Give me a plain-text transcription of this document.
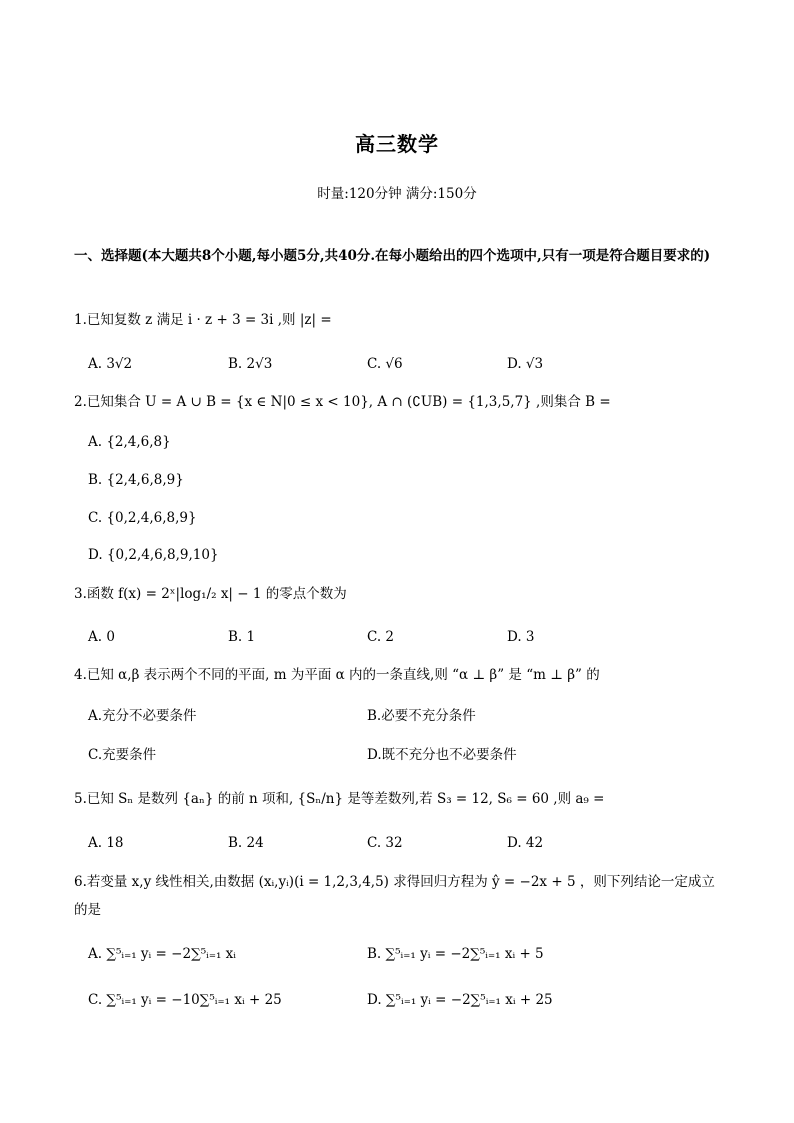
高三数学
时量:120分钟 满分:150分
一、选择题(本大题共8个小题,每小题5分,共40分.在每小题给出的四个选项中,只有一项是符合题目要求的)
1.已知复数 z 满足 i · z + 3 = 3i ,则 |z| =
A. 3√2	B. 2√3	C. √6	D. √3
2.已知集合 U = A ∪ B = {x ∈ N|0 ≤ x < 10}, A ∩ (∁UB) = {1,3,5,7} ,则集合 B =
A. {2,4,6,8}
B. {2,4,6,8,9}
C. {0,2,4,6,8,9}
D. {0,2,4,6,8,9,10}
3.函数 f(x) = 2ˣ|log₁/₂ x| − 1 的零点个数为
A. 0	B. 1	C. 2	D. 3
4.已知 α,β 表示两个不同的平面, m 为平面 α 内的一条直线,则 “α ⊥ β” 是 “m ⊥ β” 的
A.充分不必要条件	B.必要不充分条件
C.充要条件	D.既不充分也不必要条件
5.已知 Sₙ 是数列 {aₙ} 的前 n 项和, {Sₙ/n} 是等差数列,若 S₃ = 12, S₆ = 60 ,则 a₉ =
A. 18	B. 24	C. 32	D. 42
6.若变量 x,y 线性相关,由数据 (xᵢ,yᵢ)(i = 1,2,3,4,5) 求得回归方程为 ŷ = −2x + 5 ，则下列结论一定成立的是
A. ∑⁵ᵢ₌₁ yᵢ = −2∑⁵ᵢ₌₁ xᵢ	B. ∑⁵ᵢ₌₁ yᵢ = −2∑⁵ᵢ₌₁ xᵢ + 5
C. ∑⁵ᵢ₌₁ yᵢ = −10∑⁵ᵢ₌₁ xᵢ + 25	D. ∑⁵ᵢ₌₁ yᵢ = −2∑⁵ᵢ₌₁ xᵢ + 25
